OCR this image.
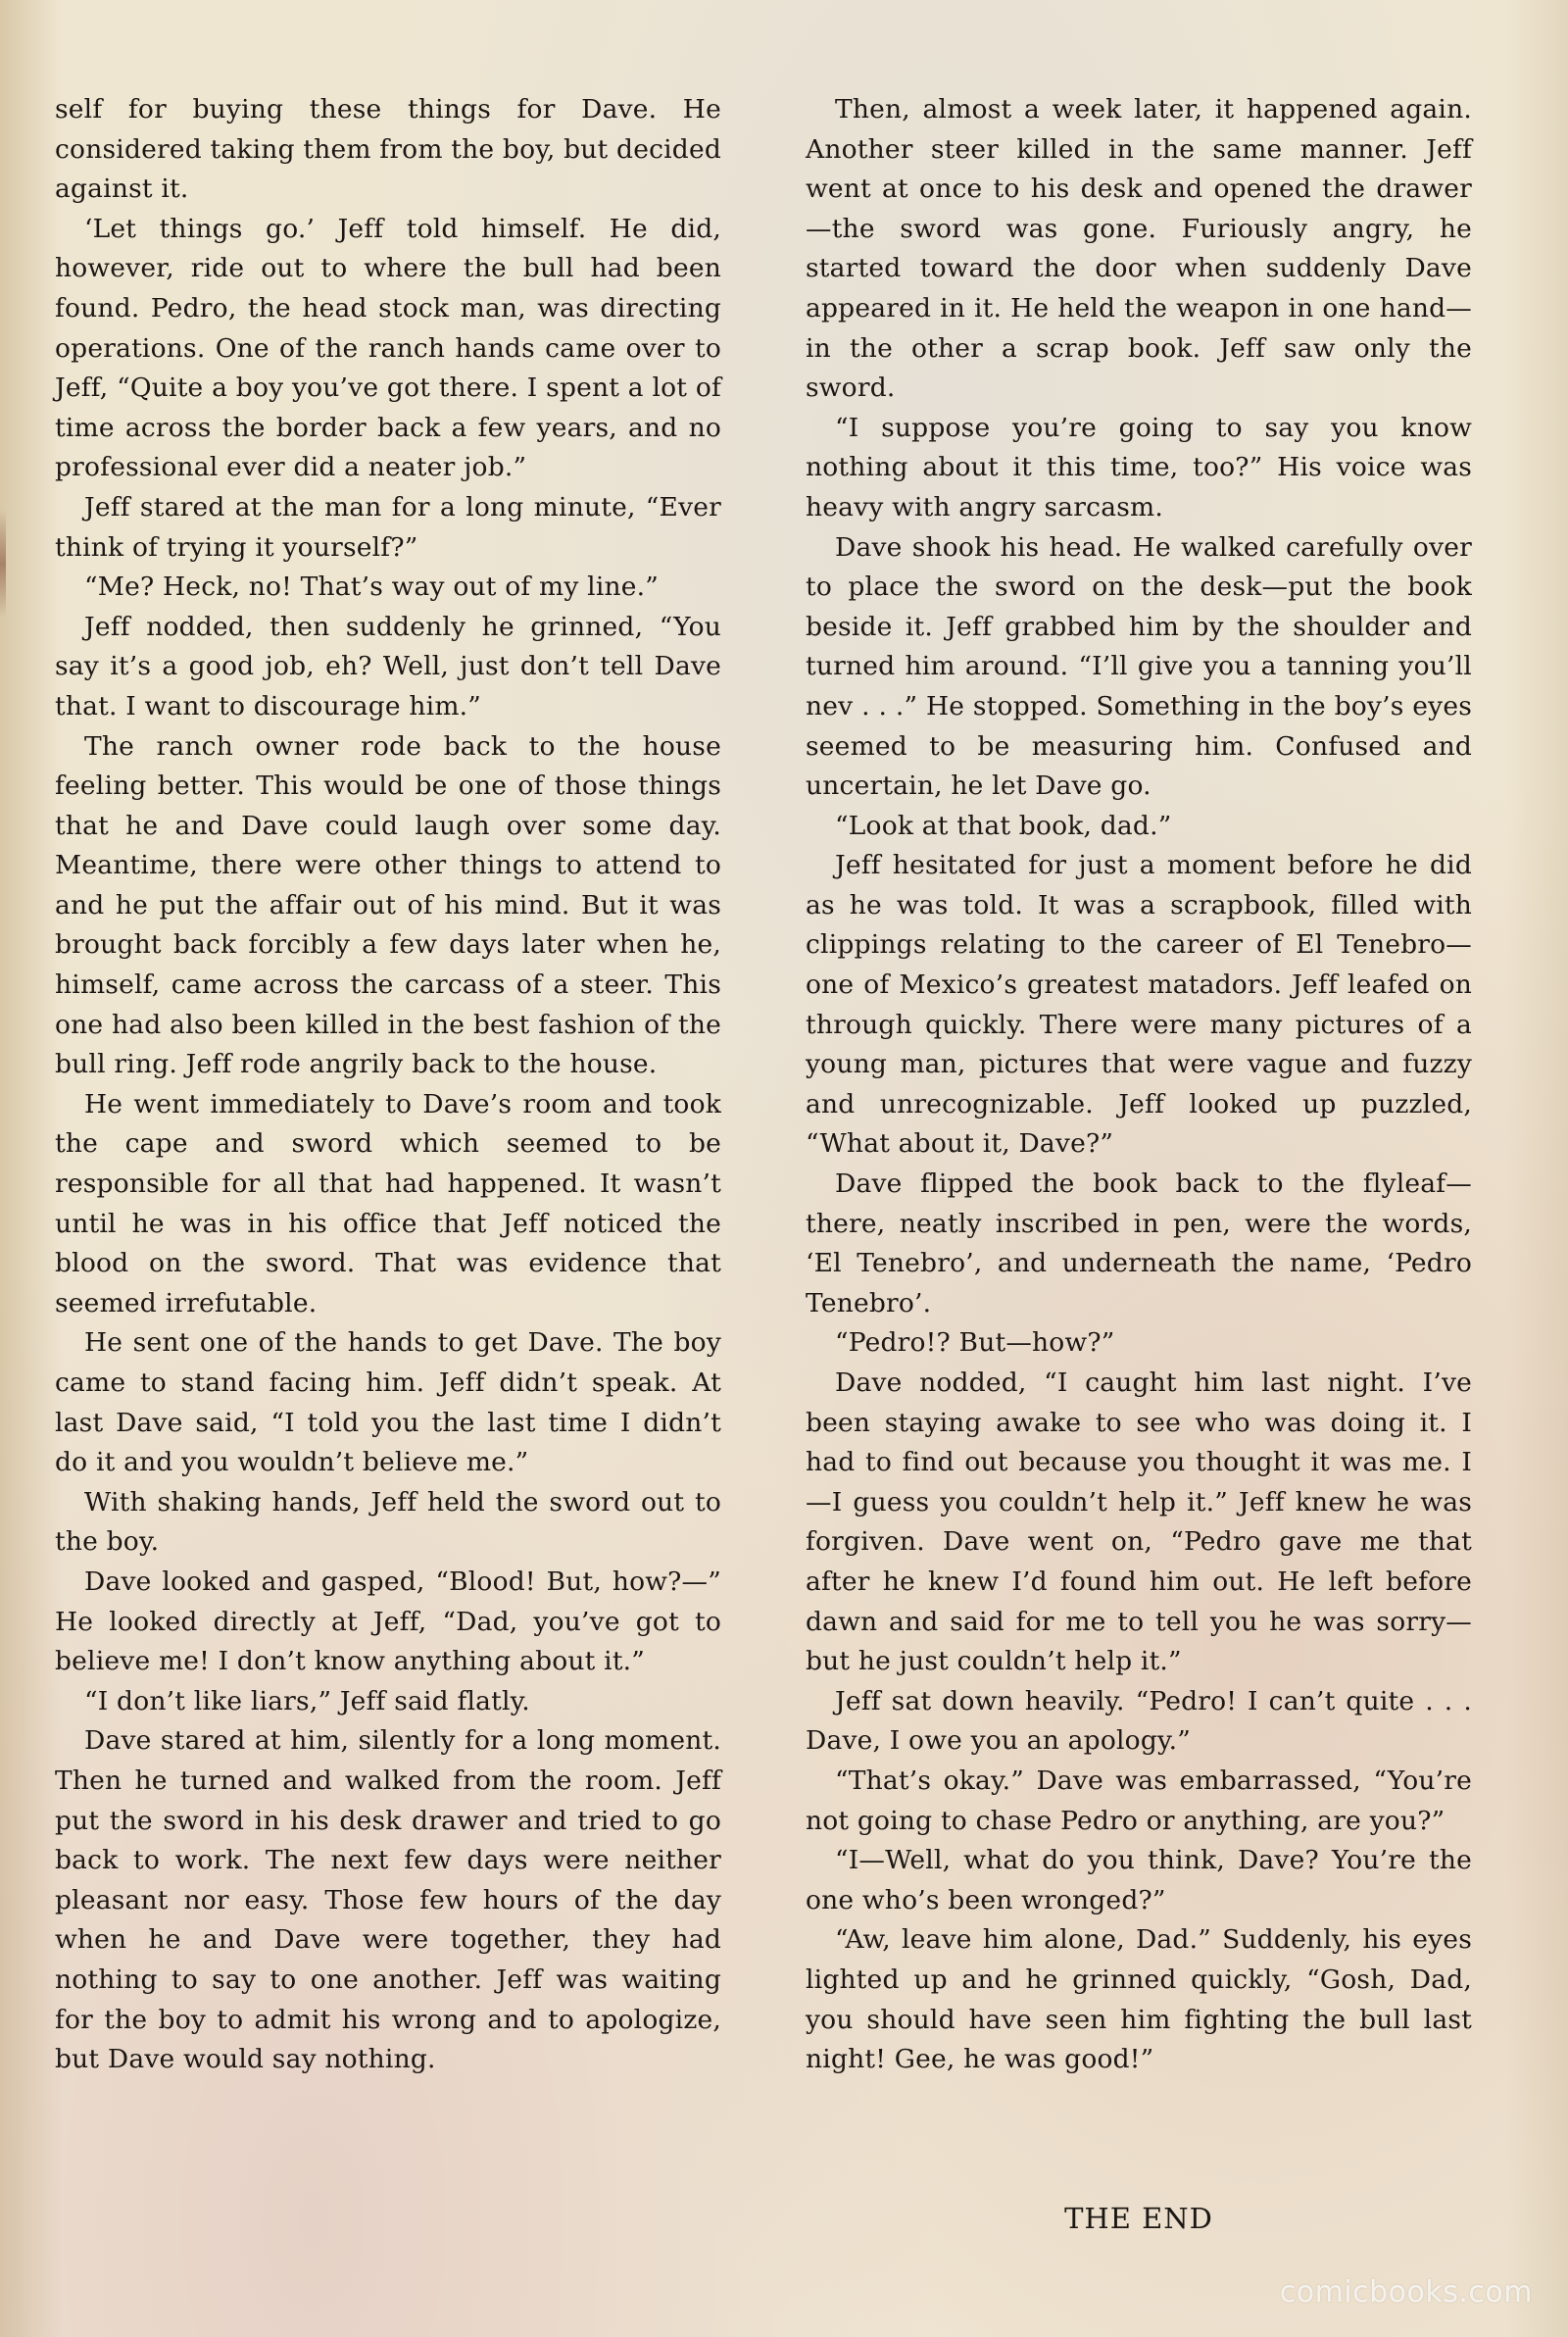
self for buying these things for Dave. He considered taking them from the boy, but decided against it.

‘Let things go.’ Jeff told himself. He did, however, ride out to where the bull had been found. Pedro, the head stock man, was directing operations. One of the ranch hands came over to Jeff, “Quite a boy you’ve got there. I spent a lot of time across the border back a few years, and no professional ever did a neater job.”

Jeff stared at the man for a long minute, “Ever think of trying it yourself?”

“Me? Heck, no! That’s way out of my line.”

Jeff nodded, then suddenly he grinned, “You say it’s a good job, eh? Well, just don’t tell Dave that. I want to discourage him.”

The ranch owner rode back to the house feeling better. This would be one of those things that he and Dave could laugh over some day. Meantime, there were other things to attend to and he put the affair out of his mind. But it was brought back forcibly a few days later when he, himself, came across the carcass of a steer. This one had also been killed in the best fashion of the bull ring. Jeff rode angrily back to the house.

He went immediately to Dave’s room and took the cape and sword which seemed to be responsible for all that had happened. It wasn’t until he was in his office that Jeff noticed the blood on the sword. That was evidence that seemed irrefutable.

He sent one of the hands to get Dave. The boy came to stand facing him. Jeff didn’t speak. At last Dave said, “I told you the last time I didn’t do it and you wouldn’t believe me.”

With shaking hands, Jeff held the sword out to the boy.

Dave looked and gasped, “Blood! But, how?—” He looked directly at Jeff, “Dad, you’ve got to believe me! I don’t know anything about it.”

“I don’t like liars,” Jeff said flatly.

Dave stared at him, silently for a long moment. Then he turned and walked from the room. Jeff put the sword in his desk drawer and tried to go back to work. The next few days were neither pleasant nor easy. Those few hours of the day when he and Dave were together, they had nothing to say to one another. Jeff was waiting for the boy to admit his wrong and to apologize, but Dave would say nothing.

Then, almost a week later, it happened again. Another steer killed in the same manner. Jeff went at once to his desk and opened the drawer—the sword was gone. Furiously angry, he started toward the door when suddenly Dave appeared in it. He held the weapon in one hand—in the other a scrap book. Jeff saw only the sword.

“I suppose you’re going to say you know nothing about it this time, too?” His voice was heavy with angry sarcasm.

Dave shook his head. He walked carefully over to place the sword on the desk—put the book beside it. Jeff grabbed him by the shoulder and turned him around. “I’ll give you a tanning you’ll nev . . .” He stopped. Something in the boy’s eyes seemed to be measuring him. Confused and uncertain, he let Dave go.

“Look at that book, dad.”

Jeff hesitated for just a moment before he did as he was told. It was a scrapbook, filled with clippings relating to the career of El Tenebro—one of Mexico’s greatest matadors. Jeff leafed on through quickly. There were many pictures of a young man, pictures that were vague and fuzzy and unrecognizable. Jeff looked up puzzled, “What about it, Dave?”

Dave flipped the book back to the flyleaf—there, neatly inscribed in pen, were the words, ‘El Tenebro’, and underneath the name, ‘Pedro Tenebro’.

“Pedro!? But—how?”

Dave nodded, “I caught him last night. I’ve been staying awake to see who was doing it. I had to find out because you thought it was me. I—I guess you couldn’t help it.” Jeff knew he was forgiven. Dave went on, “Pedro gave me that after he knew I’d found him out. He left before dawn and said for me to tell you he was sorry—but he just couldn’t help it.”

Jeff sat down heavily. “Pedro! I can’t quite . . . Dave, I owe you an apology.”

“That’s okay.” Dave was embarrassed, “You’re not going to chase Pedro or anything, are you?”

“I—Well, what do you think, Dave? You’re the one who’s been wronged?”

“Aw, leave him alone, Dad.” Suddenly, his eyes lighted up and he grinned quickly, “Gosh, Dad, you should have seen him fighting the bull last night! Gee, he was good!”

THE END
comicbooks.com
